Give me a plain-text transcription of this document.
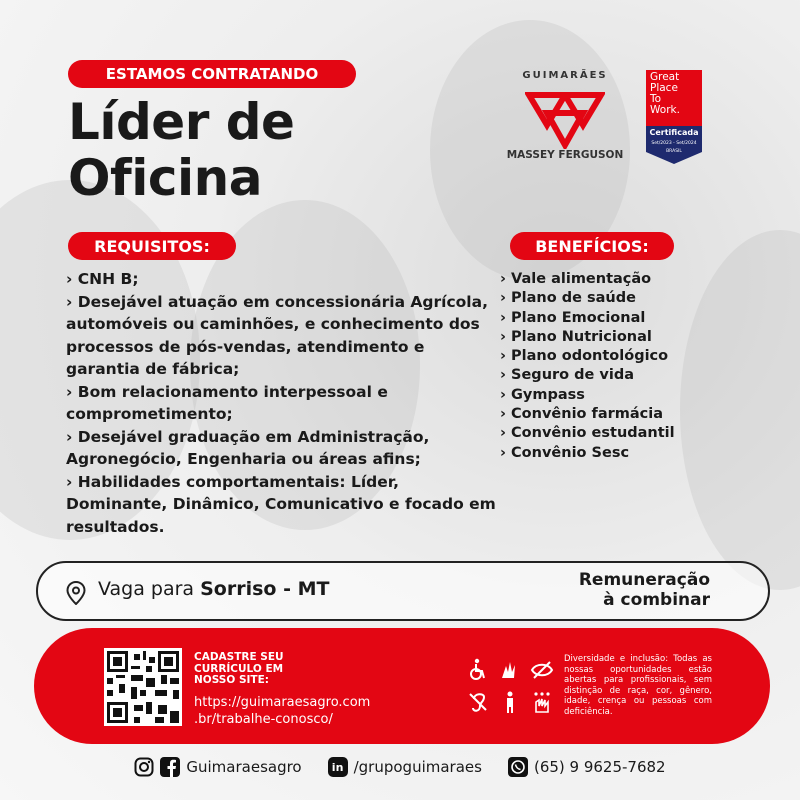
ESTAMOS CONTRATANDO
Líder de
Oficina
GUIMARÃES
MASSEY FERGUSON
Great
Place
To
Work.
Certificada
Set/2023 - Set/2024
BRASIL
REQUISITOS:
› CNH B;
› Desejável atuação em concessionária Agrícola, automóveis ou caminhões, e conhecimento dos processos de pós-vendas, atendimento e garantia de fábrica;
› Bom relacionamento interpessoal e comprometimento;
› Desejável graduação em Administração, Agronegócio, Engenharia ou áreas afins;
› Habilidades comportamentais: Líder, Dominante, Dinâmico, Comunicativo e focado em resultados.
BENEFÍCIOS:
› Vale alimentação
› Plano de saúde
› Plano Emocional
› Plano Nutricional
› Plano odontológico
› Seguro de vida
› Gympass
› Convênio farmácia
› Convênio estudantil
› Convênio Sesc
Vaga para Sorriso - MT	Remuneração
à combinar
CADASTRE SEU
CURRÍCULO EM
NOSSO SITE:
https://guimaraesagro.com
.br/trabalhe-conosco/
Diversidade e inclusão: Todas as nossas oportunidades estão abertas para profissionais, sem distinção de raça, cor, gênero, idade, crença ou pessoas com deficiência.
Guimaraesagro	in /grupoguimaraes	(65) 9 9625-7682
